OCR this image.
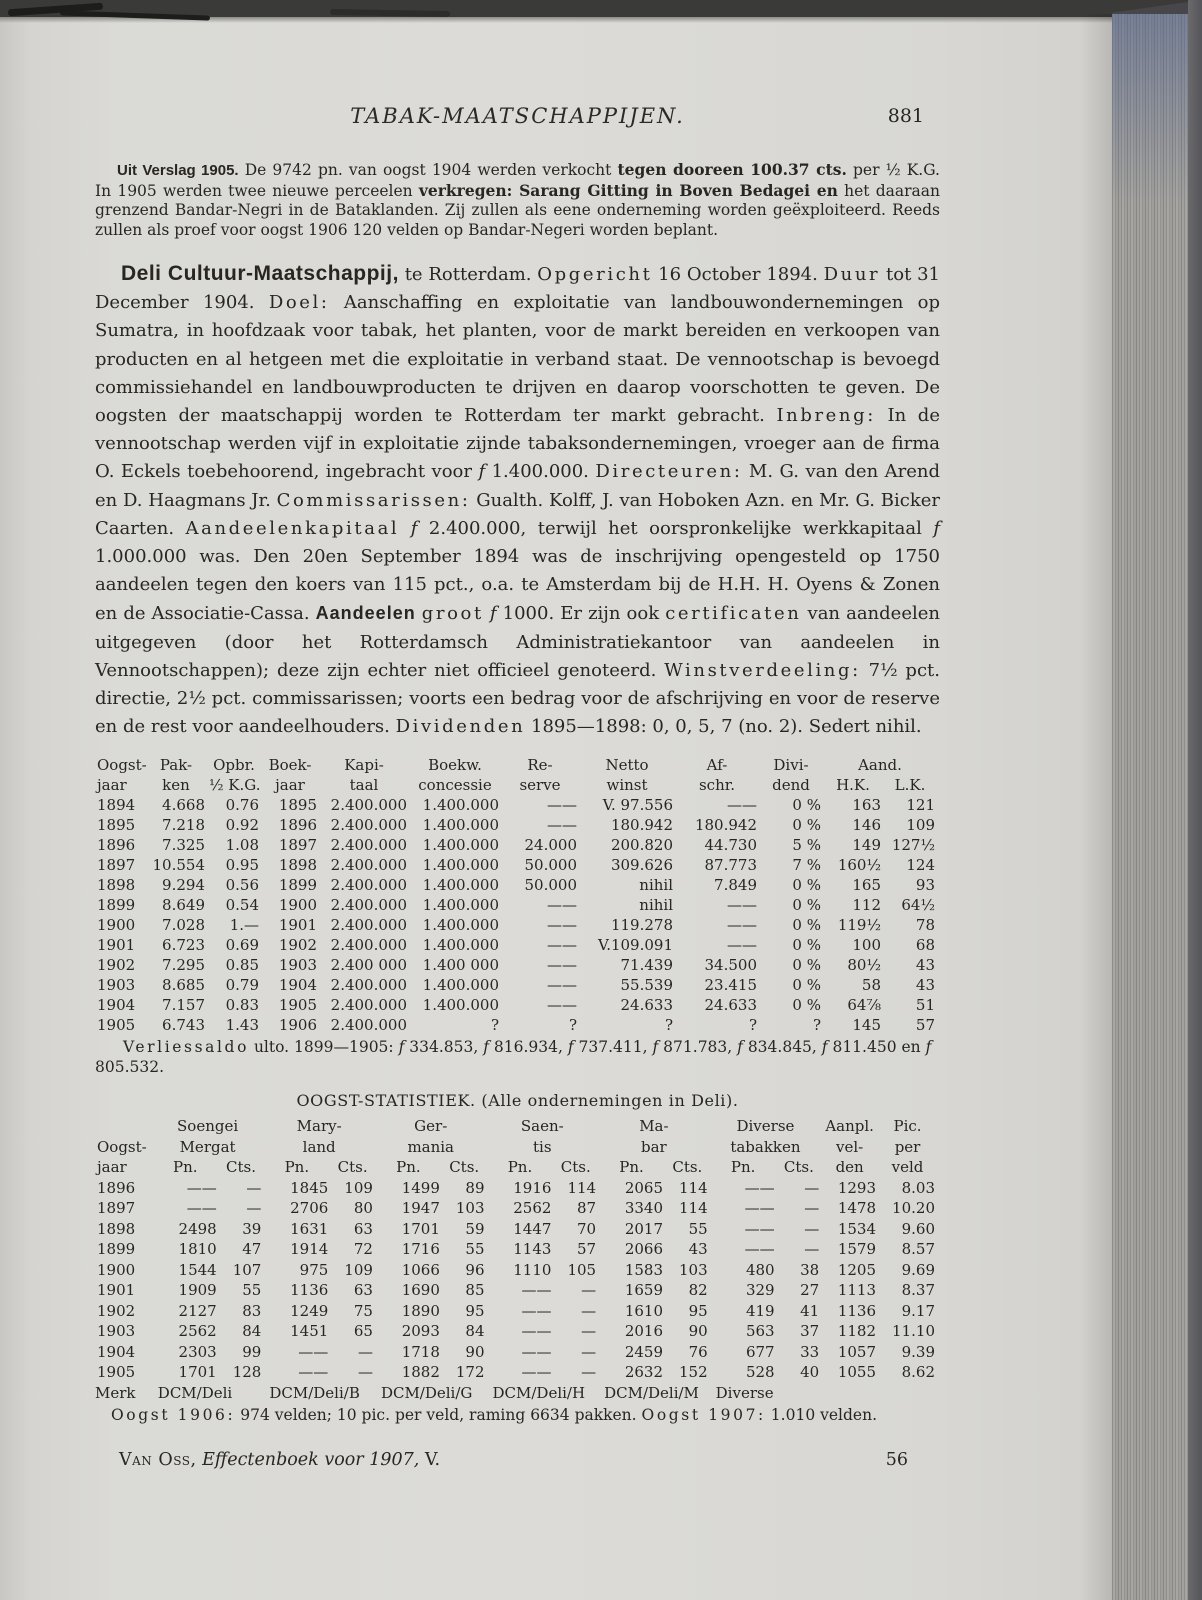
TABAK-MAATSCHAPPIJEN.	881

Uit Verslag 1905. De 9742 pn. van oogst 1904 werden verkocht tegen dooreen 100.37 cts. per ½ K.G. In 1905 werden twee nieuwe perceelen verkregen: Sarang Gitting in Boven Bedagei en het daaraan grenzend Bandar-Negri in de Bataklanden. Zij zullen als eene onderneming worden geëxploiteerd. Reeds zullen als proef voor oogst 1906 120 velden op Bandar-Negeri worden beplant.

Deli Cultuur-Maatschappij, te Rotterdam. Opgericht 16 October 1894. Duur tot 31 December 1904. Doel: Aanschaffing en exploitatie van landbouwondernemingen op Sumatra, in hoofdzaak voor tabak, het planten, voor de markt bereiden en verkoopen van producten en al hetgeen met die exploitatie in verband staat. De vennootschap is bevoegd commissiehandel en landbouwproducten te drijven en daarop voorschotten te geven. De oogsten der maatschappij worden te Rotterdam ter markt gebracht. Inbreng: In de vennootschap werden vijf in exploitatie zijnde tabaksondernemingen, vroeger aan de firma O. Eckels toebehoorend, ingebracht voor f 1.400.000. Directeuren: M. G. van den Arend en D. Haagmans Jr. Commissarissen: Gualth. Kolff, J. van Hoboken Azn. en Mr. G. Bicker Caarten. Aandeelenkapitaal f 2.400.000, terwijl het oorspronkelijke werkkapitaal f 1.000.000 was. Den 20en September 1894 was de inschrijving opengesteld op 1750 aandeelen tegen den koers van 115 pct., o.a. te Amsterdam bij de H.H. H. Oyens & Zonen en de Associatie-Cassa. Aandeelen groot f 1000. Er zijn ook certificaten van aandeelen uitgegeven (door het Rotterdamsch Administratiekantoor van aandeelen in Vennootschappen); deze zijn echter niet officieel genoteerd. Winstverdeeling: 7½ pct. directie, 2½ pct. commissarissen; voorts een bedrag voor de afschrijving en voor de reserve en de rest voor aandeelhouders. Dividenden 1895—1898: 0, 0, 5, 7 (no. 2). Sedert nihil.

Oogst-	Pak-	Opbr.	Boek-	Kapi-	Boekw.	Re-	Netto	Af-	Divi-	Aand.	
jaar	ken	½ K.G.	jaar	taal	concessie	serve	winst	schr.	dend	H.K.	L.K.
1894	4.668	0.76	1895	2.400.000	1.400.000	——	V. 97.556	——	0 %	163	121
1895	7.218	0.92	1896	2.400.000	1.400.000	——	180.942	180.942	0 %	146	109
1896	7.325	1.08	1897	2.400.000	1.400.000	24.000	200.820	44.730	5 %	149	127½
1897	10.554	0.95	1898	2.400.000	1.400.000	50.000	309.626	87.773	7 %	160½	124
1898	9.294	0.56	1899	2.400.000	1.400.000	50.000	nihil	7.849	0 %	165	93
1899	8.649	0.54	1900	2.400.000	1.400.000	——	nihil	——	0 %	112	64½
1900	7.028	1.—	1901	2.400.000	1.400.000	——	119.278	——	0 %	119½	78
1901	6.723	0.69	1902	2.400.000	1.400.000	——	V.109.091	——	0 %	100	68
1902	7.295	0.85	1903	2.400 000	1.400 000	——	71.439	34.500	0 %	80½	43
1903	8.685	0.79	1904	2.400.000	1.400.000	——	55.539	23.415	0 %	58	43
1904	7.157	0.83	1905	2.400.000	1.400.000	——	24.633	24.633	0 %	64⅞	51
1905	6.743	1.43	1906	2.400.000	?	?	?	?	?	145	57

Verliessaldo ulto. 1899—1905: f 334.853, f 816.934, f 737.411, f 871.783, f 834.845, f 811.450 en f 805.532.

OOGST-STATISTIEK. (Alle ondernemingen in Deli).

	Soengei		Mary-		Ger-		Saen-		Ma-		Diverse		Aanpl.	Pic.
Oogst-	Mergat		land		mania		tis		bar		tabakken		vel-	per
jaar	Pn.	Cts.	Pn.	Cts.	Pn.	Cts.	Pn.	Cts.	Pn.	Cts.	Pn.	Cts.	den	veld
1896	——	—	1845	109	1499	89	1916	114	2065	114	——	—	1293	8.03
1897	——	—	2706	80	1947	103	2562	87	3340	114	——	—	1478	10.20
1898	2498	39	1631	63	1701	59	1447	70	2017	55	——	—	1534	9.60
1899	1810	47	1914	72	1716	55	1143	57	2066	43	——	—	1579	8.57
1900	1544	107	975	109	1066	96	1110	105	1583	103	480	38	1205	9.69
1901	1909	55	1136	63	1690	85	——	—	1659	82	329	27	1113	8.37
1902	2127	83	1249	75	1890	95	——	—	1610	95	419	41	1136	9.17
1903	2562	84	1451	65	2093	84	——	—	2016	90	563	37	1182	11.10
1904	2303	99	——	—	1718	90	——	—	2459	76	677	33	1057	9.39
1905	1701	128	——	—	1882	172	——	—	2632	152	528	40	1055	8.62
Merk	DCM/Deli		DCM/Deli/B		DCM/Deli/G		DCM/Deli/H		DCM/Deli/M		Diverse			

Oogst 1906: 974 velden; 10 pic. per veld, raming 6634 pakken. Oogst 1907: 1.010 velden.

Van Oss, Effectenboek voor 1907, V.	56
